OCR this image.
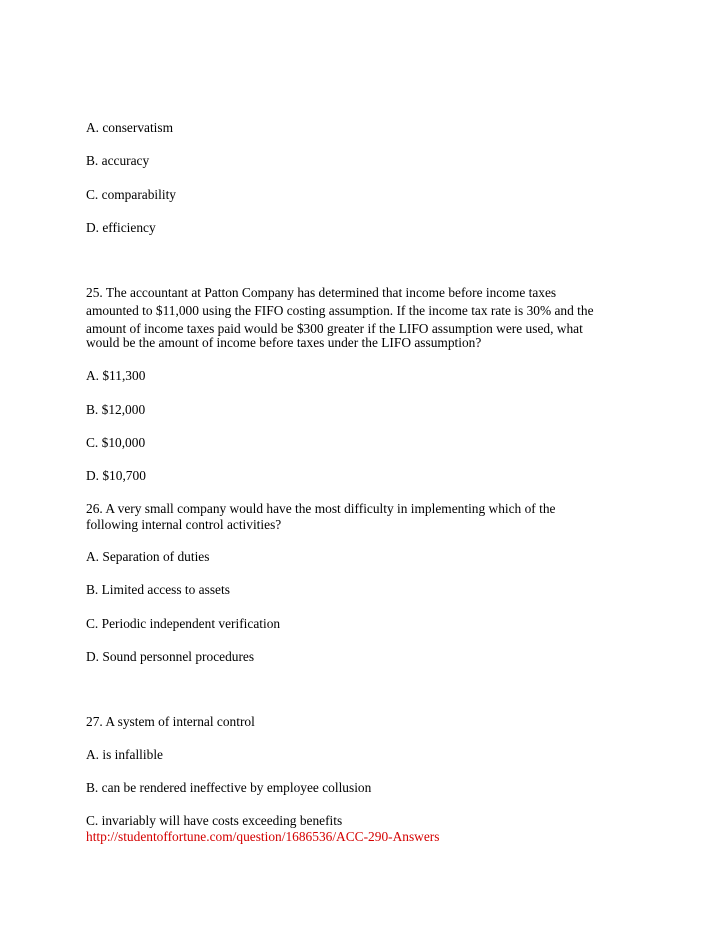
A. conservatism
B. accuracy
C. comparability
D. efficiency
25. The accountant at Patton Company has determined that income before income taxes
amounted to $11,000 using the FIFO costing assumption. If the income tax rate is 30% and the
amount of income taxes paid would be $300 greater if the LIFO assumption were used, what
would be the amount of income before taxes under the LIFO assumption?
A. $11,300
B. $12,000
C. $10,000
D. $10,700
26. A very small company would have the most difficulty in implementing which of the
following internal control activities?
A. Separation of duties
B. Limited access to assets
C. Periodic independent verification
D. Sound personnel procedures
27. A system of internal control
A. is infallible
B. can be rendered ineffective by employee collusion
C. invariably will have costs exceeding benefits
http://studentoffortune.com/question/1686536/ACC-290-Answers
